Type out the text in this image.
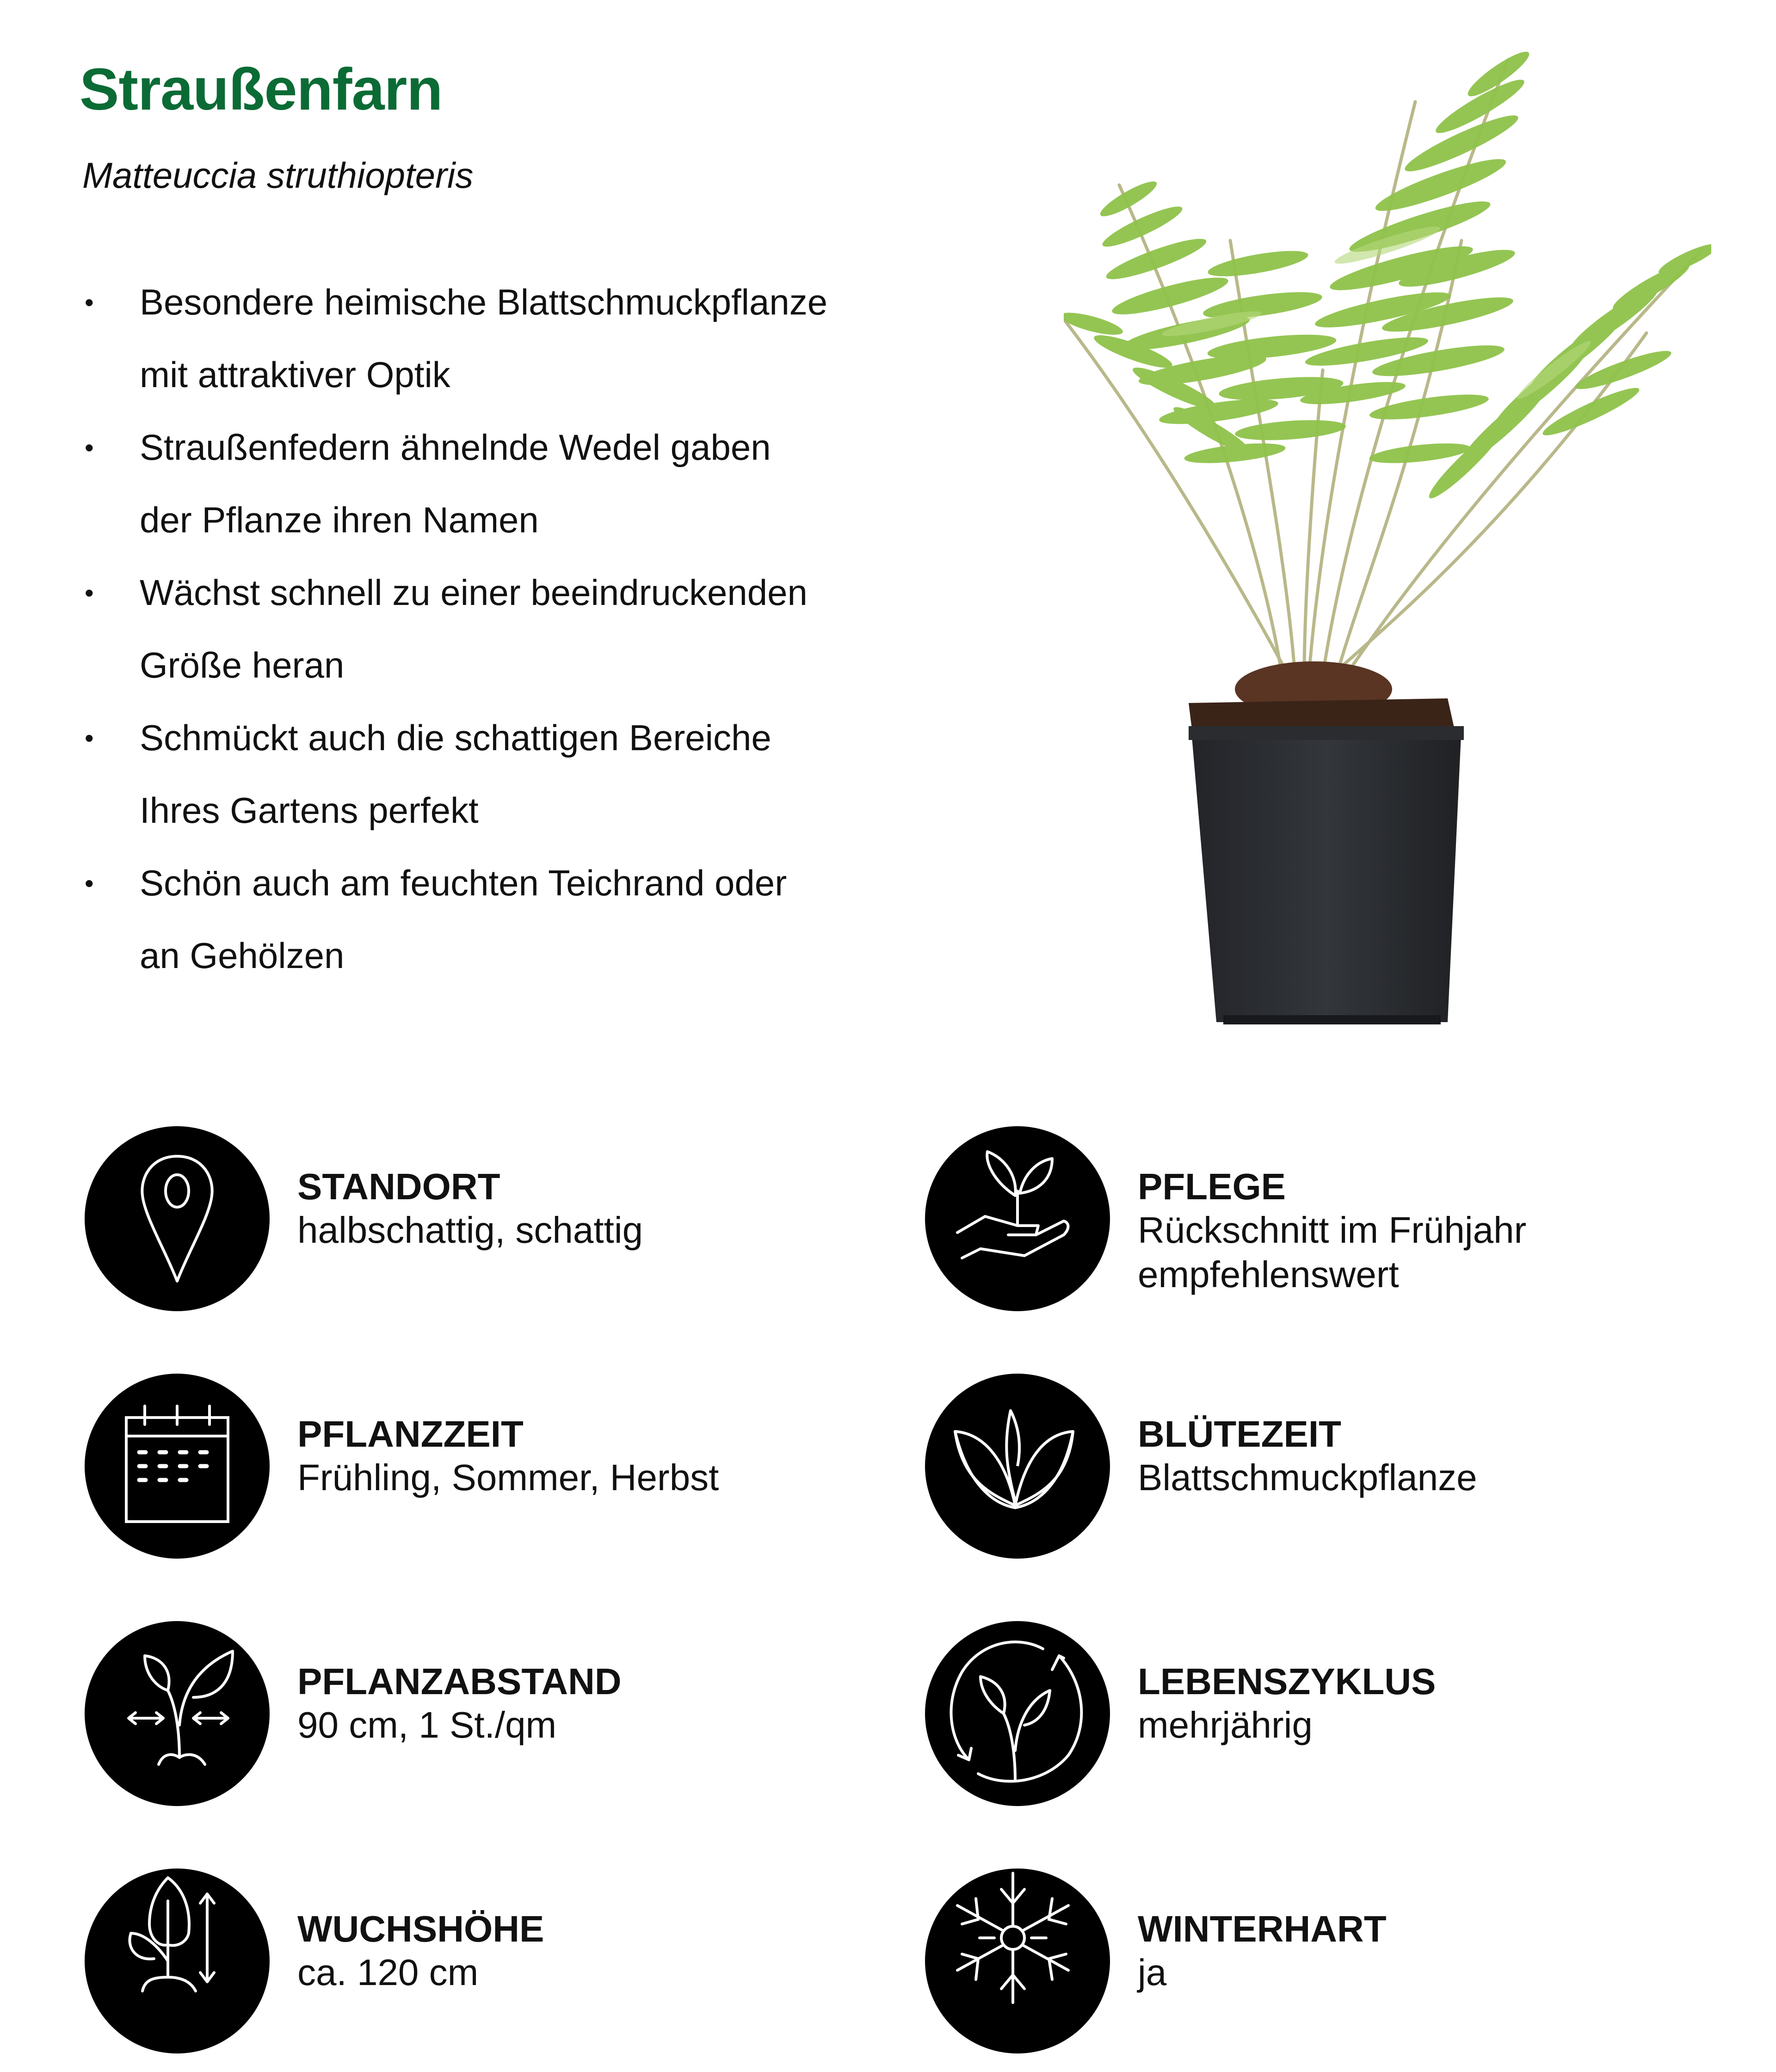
Straußenfarn
Matteuccia struthiopteris
•	Besondere heimische Blattschmuckpflanze
mit attraktiver Optik
•	Straußenfedern ähnelnde Wedel gaben
der Pflanze ihren Namen
•	Wächst schnell zu einer beeindruckenden
Größe heran
•	Schmückt auch die schattigen Bereiche
Ihres Gartens perfekt
•	Schön auch am feuchten Teichrand oder
an Gehölzen
STANDORT
halbschattig, schattig
PFLEGE
Rückschnitt im Frühjahr
empfehlenswert
PFLANZZEIT
Frühling, Sommer, Herbst
BLÜTEZEIT
Blattschmuckpflanze
PFLANZABSTAND
90 cm, 1 St./qm
LEBENSZYKLUS
mehrjährig
WUCHSHÖHE
ca. 120 cm
WINTERHART
ja
